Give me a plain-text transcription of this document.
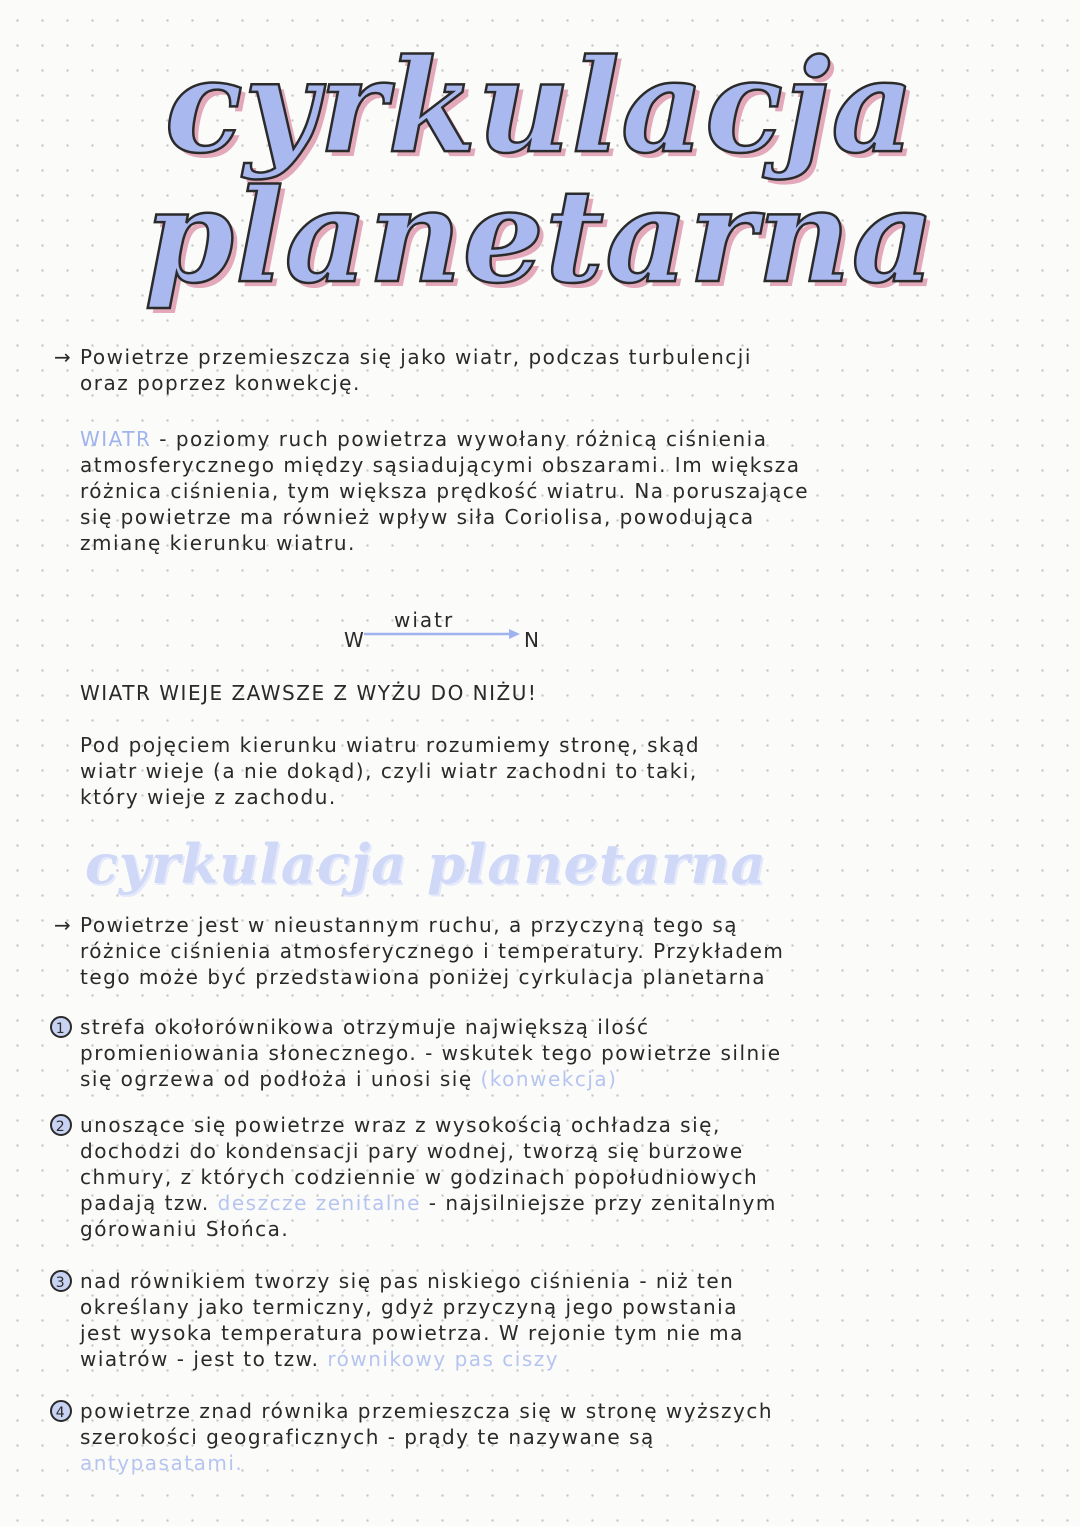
cyrkulacja
planetarna
→ Powietrze przemieszcza się jako wiatr, podczas turbulencji

oraz poprzez konwekcję.

WIATR - poziomy ruch powietrza wywołany różnicą ciśnienia

atmosferycznego między sąsiadującymi obszarami. Im większa

różnica ciśnienia, tym większa prędkość wiatru. Na poruszające

się powietrze ma również wpływ siła Coriolisa, powodująca

zmianę kierunku wiatru.

wiatr
W	N

WIATR WIEJE ZAWSZE Z WYŻU DO NIŻU!

Pod pojęciem kierunku wiatru rozumiemy stronę, skąd

wiatr wieje (a nie dokąd), czyli wiatr zachodni to taki,

który wieje z zachodu.

cyrkulacja planetarna
→ Powietrze jest w nieustannym ruchu, a przyczyną tego są

różnice ciśnienia atmosferycznego i temperatury. Przykładem

tego może być przedstawiona poniżej cyrkulacja planetarna

1 strefa okołorównikowa otrzymuje największą ilość

promieniowania słonecznego. - wskutek tego powietrze silnie

się ogrzewa od podłoża i unosi się (konwekcja)

2 unoszące się powietrze wraz z wysokością ochładza się,

dochodzi do kondensacji pary wodnej, tworzą się burzowe

chmury, z których codziennie w godzinach popołudniowych

padają tzw. deszcze zenitalne - najsilniejsze przy zenitalnym

górowaniu Słońca.

3 nad równikiem tworzy się pas niskiego ciśnienia - niż ten

określany jako termiczny, gdyż przyczyną jego powstania

jest wysoka temperatura powietrza. W rejonie tym nie ma

wiatrów - jest to tzw. równikowy pas ciszy

4 powietrze znad równika przemieszcza się w stronę wyższych

szerokości geograficznych - prądy te nazywane są

antypasatami.
